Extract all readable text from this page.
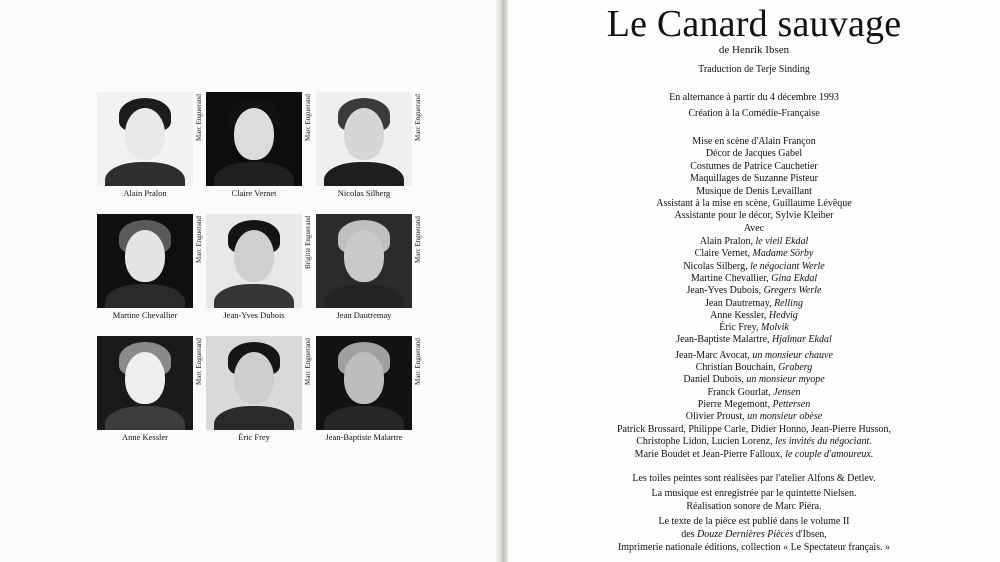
Marc Enguerand
Alain Pralon
Marc Enguerand
Claire Vernet
Marc Enguerand
Nicolas Silberg
Marc Enguerand
Martine Chevallier
Brigitte Enguerand
Jean-Yves Dubois
Marc Enguerand
Jean Dautremay
Marc Enguerand
Anne Kessler
Marc Enguerand
Éric Frey
Marc Enguerand
Jean-Baptiste Malartre
Le Canard sauvage
de Henrik Ibsen
Traduction de Terje Sinding
En alternance à partir du 4 décembre 1993
Création à la Comédie-Française
Mise en scène d'Alain Françon
Décor de Jacques Gabel
Costumes de Patrice Cauchetier
Maquillages de Suzanne Pisteur
Musique de Denis Levaillant
Assistant à la mise en scène, Guillaume Lévêque
Assistante pour le décor, Sylvie Kleiber
Avec
Alain Pralon, le vieil Ekdal
Claire Vernet, Madame Sörby
Nicolas Silberg, le négociant Werle
Martine Chevallier, Gina Ekdal
Jean-Yves Dubois, Gregers Werle
Jean Dautremay, Relling
Anne Kessler, Hedvig
Éric Frey, Molvik
Jean-Baptiste Malartre, Hjalmar Ekdal
Jean-Marc Avocat, un monsieur chauve
Christian Bouchain, Graberg
Daniel Dubois, un monsieur myope
Franck Gourlat, Jensen
Pierre Megemont, Pettersen
Olivier Proust, un monsieur obèse
Patrick Brossard, Philippe Carle, Didier Honno, Jean-Pierre Husson,
Christophe Lidon, Lucien Lorenz, les invités du négociant.
Marie Boudet et Jean-Pierre Falloux, le couple d'amoureux.
Les toiles peintes sont réalisées par l'atelier Alfons & Detlev.
La musique est enregistrée par le quintette Nielsen.
Réalisation sonore de Marc Piéra.
Le texte de la pièce est publié dans le volume II
des Douze Dernières Pièces d'Ibsen,
Imprimerie nationale éditions, collection « Le Spectateur français. »
